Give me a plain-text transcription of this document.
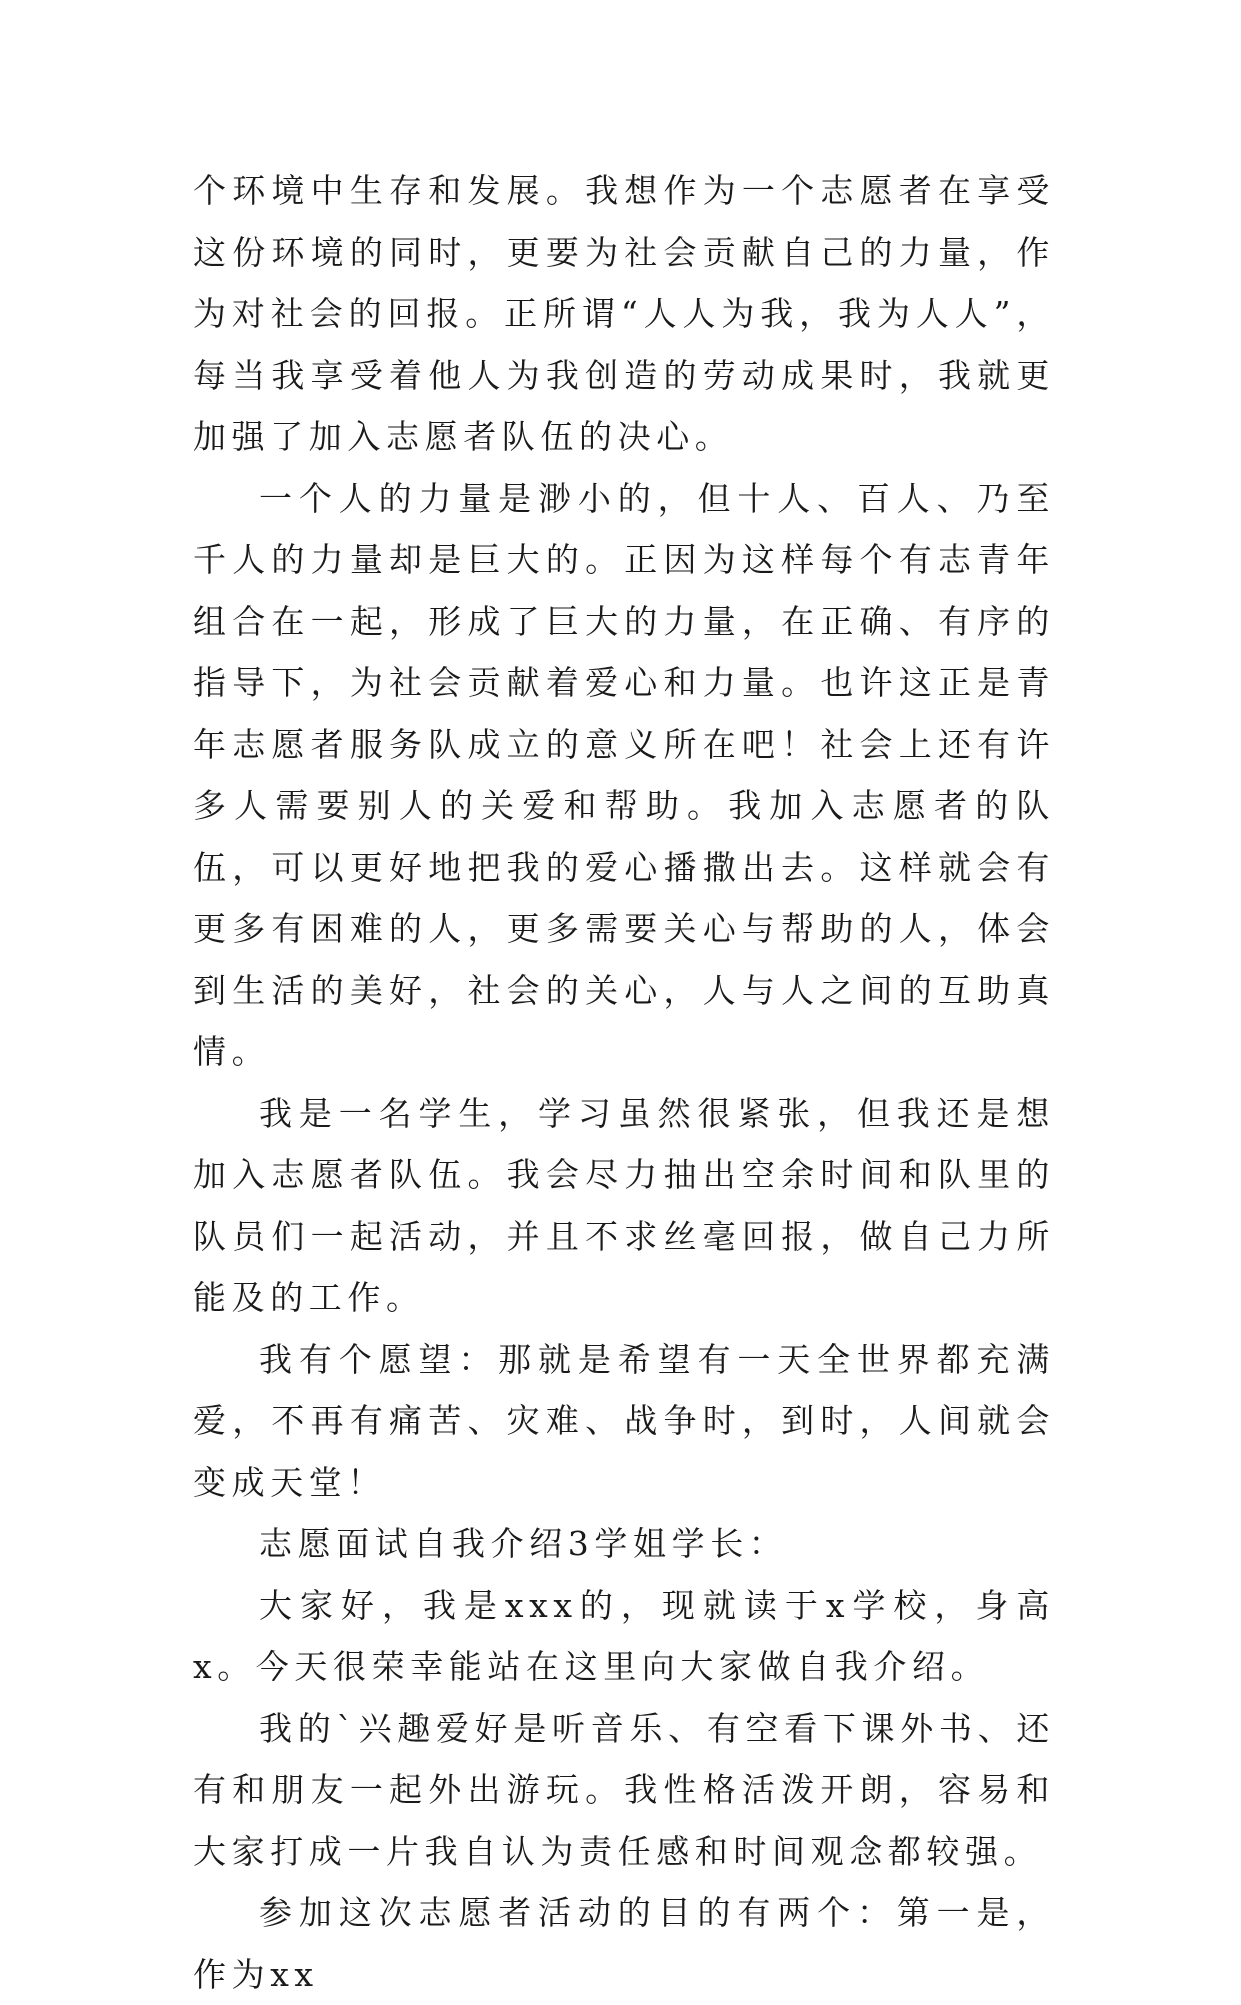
个环境中生存和发展。我想作为一个志愿者在享受这份环境的同时，更要为社会贡献自己的力量，作为对社会的回报。正所谓“人人为我，我为人人”，每当我享受着他人为我创造的劳动成果时，我就更加强了加入志愿者队伍的决心。

一个人的力量是渺小的，但十人、百人、乃至千人的力量却是巨大的。正因为这样每个有志青年组合在一起，形成了巨大的力量，在正确、有序的指导下，为社会贡献着爱心和力量。也许这正是青年志愿者服务队成立的意义所在吧！社会上还有许多人需要别人的关爱和帮助。我加入志愿者的队伍，可以更好地把我的爱心播撒出去。这样就会有更多有困难的人，更多需要关心与帮助的人，体会到生活的美好，社会的关心，人与人之间的互助真情。

我是一名学生，学习虽然很紧张，但我还是想加入志愿者队伍。我会尽力抽出空余时间和队里的队员们一起活动，并且不求丝毫回报，做自己力所能及的工作。

我有个愿望：那就是希望有一天全世界都充满爱，不再有痛苦、灾难、战争时，到时，人间就会变成天堂！

志愿面试自我介绍3学姐学长：

大家好，我是xxx的，现就读于x学校，身高x。今天很荣幸能站在这里向大家做自我介绍。

我的`兴趣爱好是听音乐、有空看下课外书、还有和朋友一起外出游玩。我性格活泼开朗，容易和大家打成一片我自认为责任感和时间观念都较强。

参加这次志愿者活动的目的有两个：第一是，作为xx
